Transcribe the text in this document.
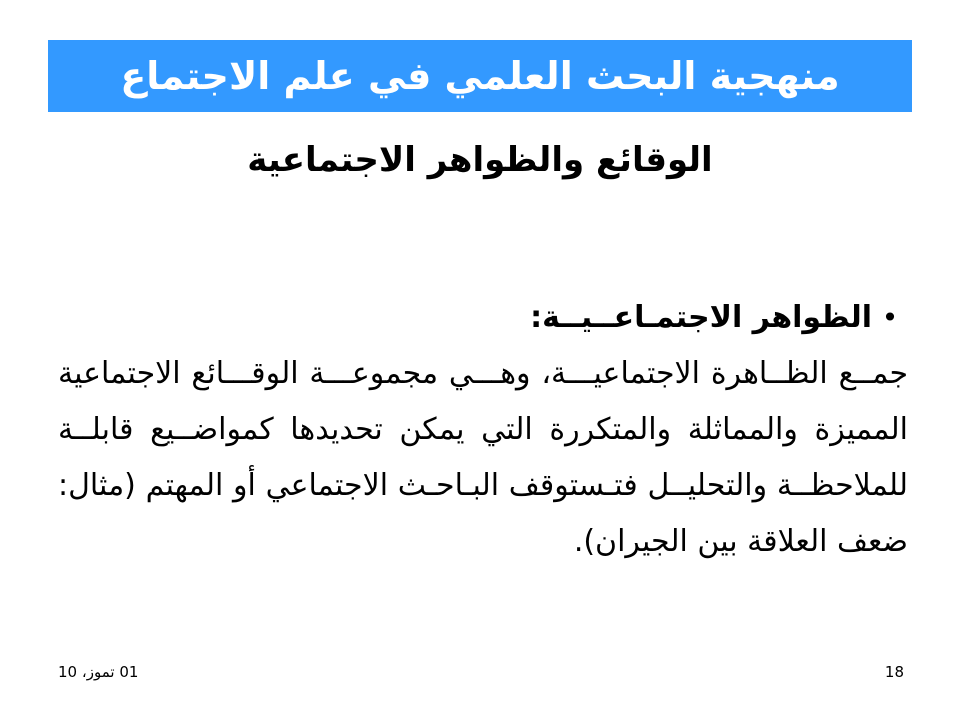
منهجية البحث العلمي في علم الاجتماع
الوقائع والظواهر الاجتماعية
•
الظواهر الاجتمـاعــيــة:
جمــع الظــاهرة الاجتماعيـــة، وهـــي مجموعـــة الوقـــائع الاجتماعية المميزة والمماثلة والمتكررة التي يمكن تحديدها كمواضــيع قابلــة للملاحظــة والتحليــل فتـستوقف البـاحـث الاجتماعي أو المهتم (مثال: ضعف العلاقة بين الجيران).
01 تموز، 10	18
